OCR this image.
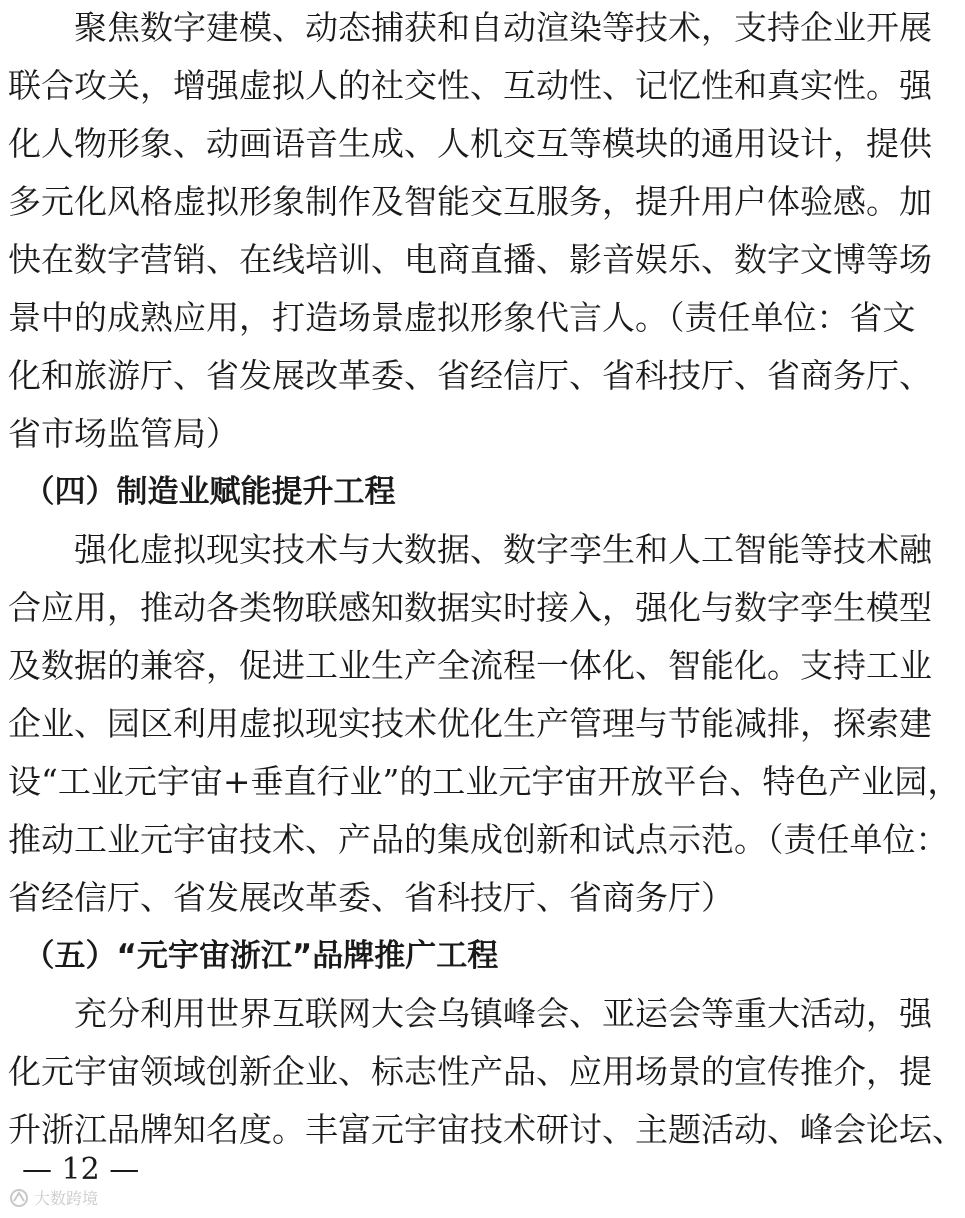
　　聚焦数字建模、动态捕获和自动渲染等技术，支持企业开展
联合攻关，增强虚拟人的社交性、互动性、记忆性和真实性。强
化人物形象、动画语音生成、人机交互等模块的通用设计，提供
多元化风格虚拟形象制作及智能交互服务，提升用户体验感。加
快在数字营销、在线培训、电商直播、影音娱乐、数字文博等场
景中的成熟应用，打造场景虚拟形象代言人。（责任单位：省文
化和旅游厅、省发展改革委、省经信厅、省科技厅、省商务厅、
省市场监管局）
　（四）制造业赋能提升工程
　　强化虚拟现实技术与大数据、数字孪生和人工智能等技术融
合应用，推动各类物联感知数据实时接入，强化与数字孪生模型
及数据的兼容，促进工业生产全流程一体化、智能化。支持工业
企业、园区利用虚拟现实技术优化生产管理与节能减排，探索建
设“工业元宇宙+垂直行业”的工业元宇宙开放平台、特色产业园，
推动工业元宇宙技术、产品的集成创新和试点示范。（责任单位：
省经信厅、省发展改革委、省科技厅、省商务厅）
　（五）“元宇宙浙江”品牌推广工程
　　充分利用世界互联网大会乌镇峰会、亚运会等重大活动，强
化元宇宙领域创新企业、标志性产品、应用场景的宣传推介，提
升浙江品牌知名度。丰富元宇宙技术研讨、主题活动、峰会论坛、
— 12 —
大数跨境
